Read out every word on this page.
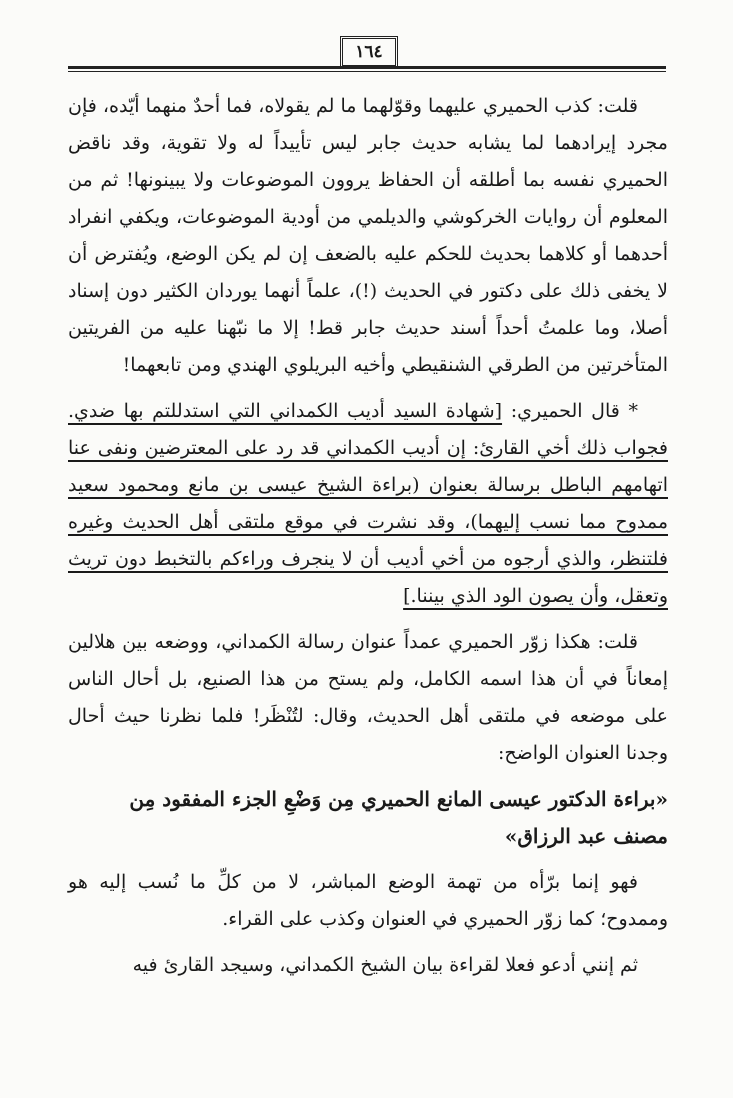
١٦٤

قلت: كذب الحميري عليهما وقوّلهما ما لم يقولاه، فما أحدٌ منهما أيّده، فإن مجرد إيرادهما لما يشابه حديث جابر ليس تأييداً له ولا تقوية، وقد ناقض الحميري نفسه بما أطلقه أن الحفاظ يروون الموضوعات ولا يبينونها! ثم من المعلوم أن روايات الخركوشي والديلمي من أودية الموضوعات، ويكفي انفراد أحدهما أو كلاهما بحديث للحكم عليه بالضعف إن لم يكن الوضع، ويُفترض أن لا يخفى ذلك على دكتور في الحديث (!)، علماً أنهما يوردان الكثير دون إسناد أصلا، وما علمتُ أحداً أسند حديث جابر قط! إلا ما نبّهنا عليه من الفريتين المتأخرتين من الطرقي الشنقيطي وأخيه البريلوي الهندي ومن تابعهما!

* قال الحميري: [شهادة السيد أديب الكمداني التي استدللتم بها ضدي. فجواب ذلك أخي القارئ: إن أديب الكمداني قد رد على المعترضين ونفى عنا اتهامهم الباطل برسالة بعنوان (براءة الشيخ عيسى بن مانع ومحمود سعيد ممدوح مما نسب إليهما)، وقد نشرت في موقع ملتقى أهل الحديث وغيره فلتنظر، والذي أرجوه من أخي أديب أن لا ينجرف وراءكم بالتخبط دون تريث وتعقل، وأن يصون الود الذي بيننا.]

قلت: هكذا زوّر الحميري عمداً عنوان رسالة الكمداني، ووضعه بين هلالين إمعاناً في أن هذا اسمه الكامل، ولم يستح من هذا الصنيع، بل أحال الناس على موضعه في ملتقى أهل الحديث، وقال: لتُنْظَر! فلما نظرنا حيث أحال وجدنا العنوان الواضح:

«براءة الدكتور عيسى المانع الحميري مِن وَضْعِ الجزء المفقود مِن مصنف عبد الرزاق»

فهو إنما برّأه من تهمة الوضع المباشر، لا من كلِّ ما نُسب إليه هو وممدوح؛ كما زوّر الحميري في العنوان وكذب على القراء.

ثم إنني أدعو فعلا لقراءة بيان الشيخ الكمداني، وسيجد القارئ فيه
